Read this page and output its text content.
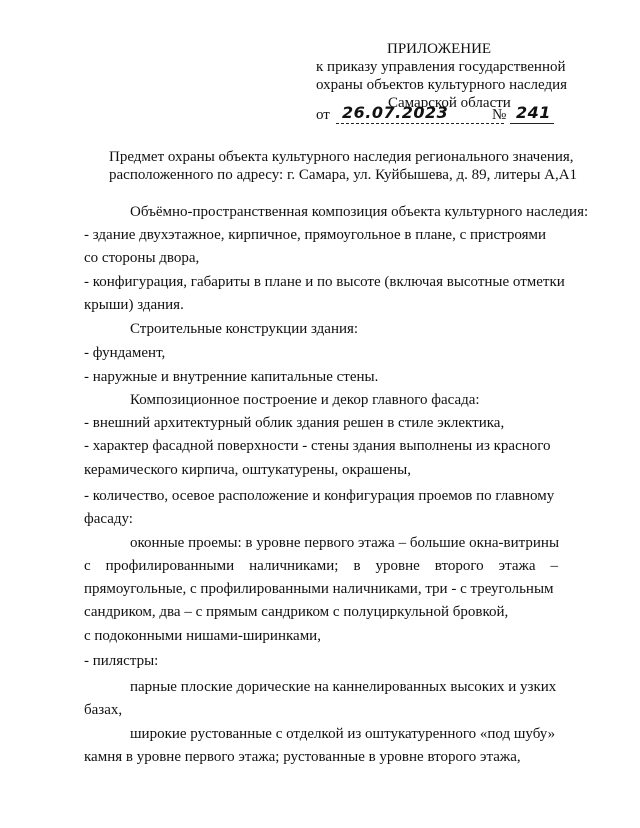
ПРИЛОЖЕНИЕ
к приказу управления государственной
охраны объектов культурного наследия
Самарской области
от 26.07.2023	№ 241
Предмет охраны объекта культурного наследия регионального значения,
расположенного по адресу: г. Самара, ул. Куйбышева, д. 89, литеры А,А1
Объёмно-пространственная композиция объекта культурного наследия:
- здание двухэтажное, кирпичное, прямоугольное в плане, с пристроями
со стороны двора,
- конфигурация, габариты в плане и по высоте (включая высотные отметки
крыши) здания.
Строительные конструкции здания:
- фундамент,
- наружные и внутренние капитальные стены.
Композиционное построение и декор главного фасада:
- внешний архитектурный облик здания решен в стиле эклектика,
- характер фасадной поверхности - стены здания выполнены из красного
керамического кирпича, оштукатурены, окрашены,
- количество, осевое расположение и конфигурация проемов по главному
фасаду:
оконные проемы: в уровне первого этажа – большие окна-витрины
с профилированными наличниками; в уровне второго этажа –
прямоугольные, с профилированными наличниками, три - с треугольным
сандриком, два – с прямым сандриком с полуциркульной бровкой,
с подоконными нишами-ширинками,
- пилястры:
парные плоские дорические на каннелированных высоких и узких
базах,
широкие рустованные с отделкой из оштукатуренного «под шубу»
камня в уровне первого этажа; рустованные в уровне второго этажа,
